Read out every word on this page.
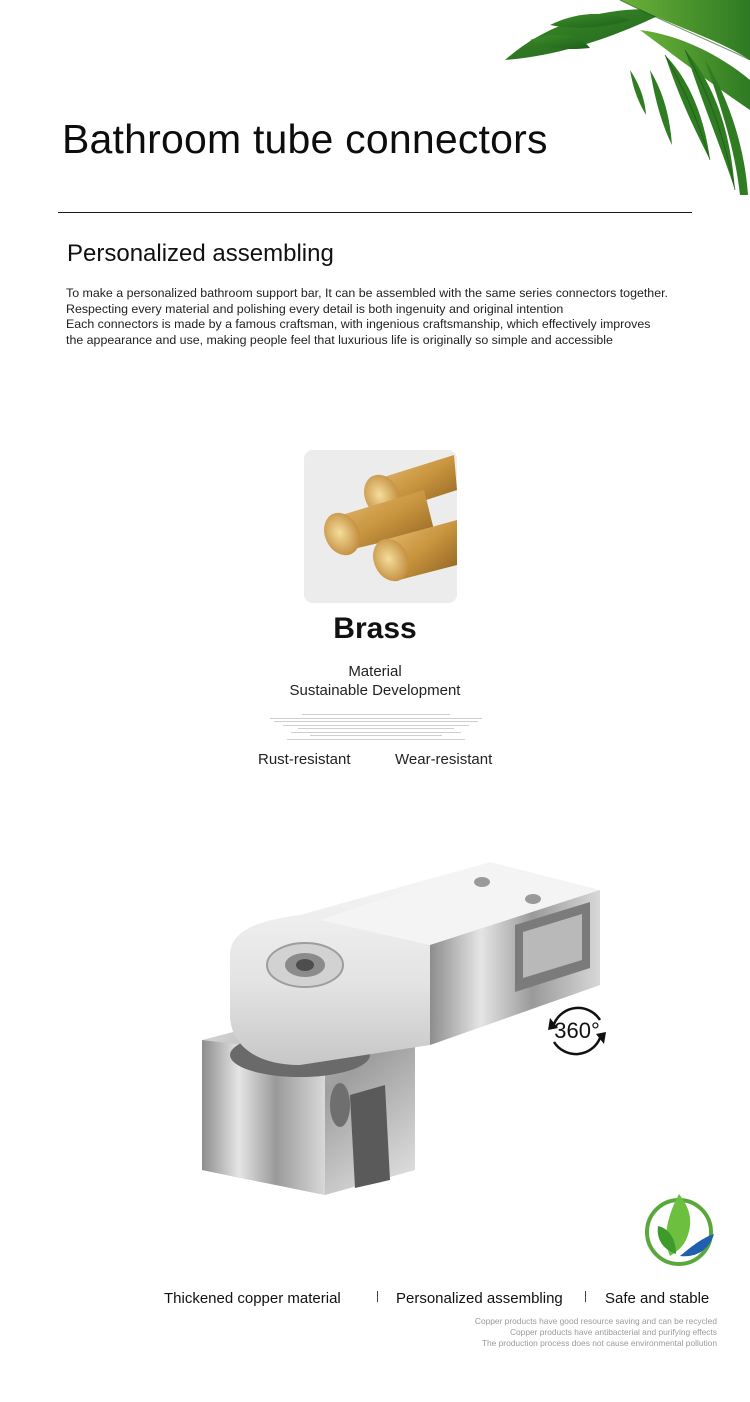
Bathroom tube connectors
Personalized assembling
To make a personalized bathroom support bar, It can be assembled with the same series connectors together.
Respecting every material and polishing every detail is both ingenuity and original intention
Each connectors is made by a famous craftsman, with ingenious craftsmanship, which effectively improves
the appearance and use, making people feel that luxurious life is originally so simple and accessible
Brass
Material
Sustainable Development
Rust-resistant	Wear-resistant
360°
Thickened copper material	Personalized assembling	Safe and stable
Copper products have good resource saving and can be recycled
Copper products have antibacterial and purifying effects
The production process does not cause environmental pollution
